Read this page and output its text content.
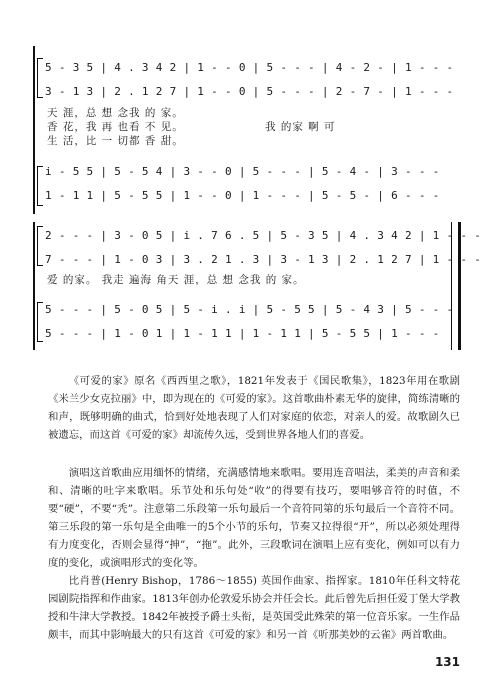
5 - 3 5 | 4 . 3 4 2 | 1 - - 0 | 5 - - - | 4 - 2 - | 1 - - -
3 - 1 3 | 2 . 1 2 7 | 1 - - 0 | 5 - - - | 2 - 7 - | 1 - - -
天 涯，总 想 念我 的 家。
香 花，我 再 也看 不 见。
生 活，比 一 切都 香 甜。
我 的家 啊 可
i - 5 5 | 5 - 5 4 | 3 - - 0 | 5 - - - | 5 - 4 - | 3 - - -
1 - 1 1 | 5 - 5 5 | 1 - - 0 | 1 - - - | 5 - 5 - | 6 - - -
2 - - - | 3 - 0 5 | i . 7 6 . 5 | 5 - 3 5 | 4 . 3 4 2 | 1 - - -
7 - - - | 1 - 0 3 | 3 . 2 1 . 3 | 3 - 1 3 | 2 . 1 2 7 | 1 - - -
爱 的家。 我走 遍海 角天 涯，总 想 念我 的 家。
5 - - - | 5 - 0 5 | 5 - i . i | 5 - 5 5 | 5 - 4 3 | 5 - - -
5 - - - | 1 - 0 1 | 1 - 1 1 | 1 - 1 1 | 5 - 5 5 | 1 - - -

《可爱的家》原名《西西里之歌》，1821年发表于《国民歌集》，1823年用在歌剧《米兰少女克拉丽》中，即为现在的《可爱的家》。这首歌曲朴素无华的旋律，简练清晰的和声，既够明确的曲式，恰到好处地表现了人们对家庭的依恋，对亲人的爱。故歌剧久已被遗忘，而这首《可爱的家》却流传久远，受到世界各地人们的喜爱。

演唱这首歌曲应用缅怀的情绪，充满感情地来歌唱。要用连音唱法，柔美的声音和柔和、清晰的吐字来歌唱。乐节处和乐句处“收”的得要有技巧，要唱够音符的时值，不要“硬”，不要“秃”。注意第二乐段第一乐句最后一个音符同第的乐句最后一个音符不同。第三乐段的第一乐句是全曲唯一的5个小节的乐句，节奏又拉得很“开”，所以必须处理得有力度变化，否则会显得“抻”，“拖”。此外，三段歌词在演唱上应有变化，例如可以有力度的变化，或演唱形式的变化等。

比肖普(Henry Bishop，1786～1855) 英国作曲家、指挥家。1810年任科文特花园剧院指挥和作曲家。1813年创办伦敦爱乐协会并任会长。此后曾先后担任爱丁堡大学教授和牛津大学教授。1842年被授予爵士头衔，是英国受此殊荣的第一位音乐家。一生作品颇丰，而其中影响最大的只有这首《可爱的家》和另一首《听那美妙的云雀》两首歌曲。

131
